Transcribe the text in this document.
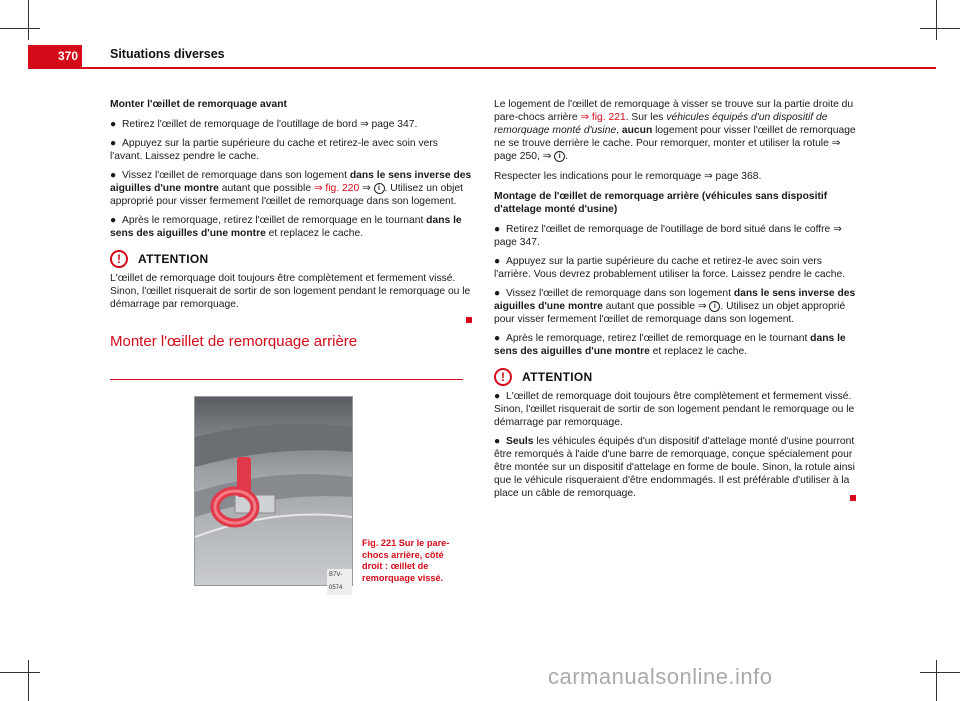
370	Situations diverses

Monter l'œillet de remorquage avant

● Retirez l'œillet de remorquage de l'outillage de bord ⇒ page 347.

● Appuyez sur la partie supérieure du cache et retirez-le avec soin vers l'avant. Laissez pendre le cache.

● Vissez l'œillet de remorquage dans son logement dans le sens inverse des aiguilles d'une montre autant que possible ⇒ fig. 220 ⇒ i . Utilisez un objet approprié pour visser fermement l'œillet de remorquage dans son logement.

● Après le remorquage, retirez l'œillet de remorquage en le tournant dans le sens des aiguilles d'une montre et replacez le cache.

!	ATTENTION

L'œillet de remorquage doit toujours être complètement et fermement vissé. Sinon, l'œillet risquerait de sortir de son logement pendant le remorquage ou le démarrage par remorquage.

Monter l'œillet de remorquage arrière
B7V-0574
Fig. 221 Sur le pare-chocs arrière, côté droit : œillet de remorquage vissé.

Le logement de l'œillet de remorquage à visser se trouve sur la partie droite du pare-chocs arrière ⇒ fig. 221. Sur les véhicules équipés d'un dispositif de remorquage monté d'usine, aucun logement pour visser l'œillet de remorquage ne se trouve derrière le cache. Pour remorquer, monter et utiliser la rotule ⇒ page 250, ⇒ i .

Respecter les indications pour le remorquage ⇒ page 368.

Montage de l'œillet de remorquage arrière (véhicules sans dispositif d'attelage monté d'usine)

● Retirez l'œillet de remorquage de l'outillage de bord situé dans le coffre ⇒ page 347.

● Appuyez sur la partie supérieure du cache et retirez-le avec soin vers l'arrière. Vous devrez probablement utiliser la force. Laissez pendre le cache.

● Vissez l'œillet de remorquage dans son logement dans le sens inverse des aiguilles d'une montre autant que possible ⇒ i . Utilisez un objet approprié pour visser fermement l'œillet de remorquage dans son logement.

● Après le remorquage, retirez l'œillet de remorquage en le tournant dans le sens des aiguilles d'une montre et replacez le cache.

!	ATTENTION

● L'œillet de remorquage doit toujours être complètement et fermement vissé. Sinon, l'œillet risquerait de sortir de son logement pendant le remorquage ou le démarrage par remorquage.

● Seuls les véhicules équipés d'un dispositif d'attelage monté d'usine pourront être remorqués à l'aide d'une barre de remorquage, conçue spécialement pour être montée sur un dispositif d'attelage en forme de boule. Sinon, la rotule ainsi que le véhicule risqueraient d'être endommagés. Il est préférable d'utiliser à la place un câble de remorquage.

carmanualsonline.info
